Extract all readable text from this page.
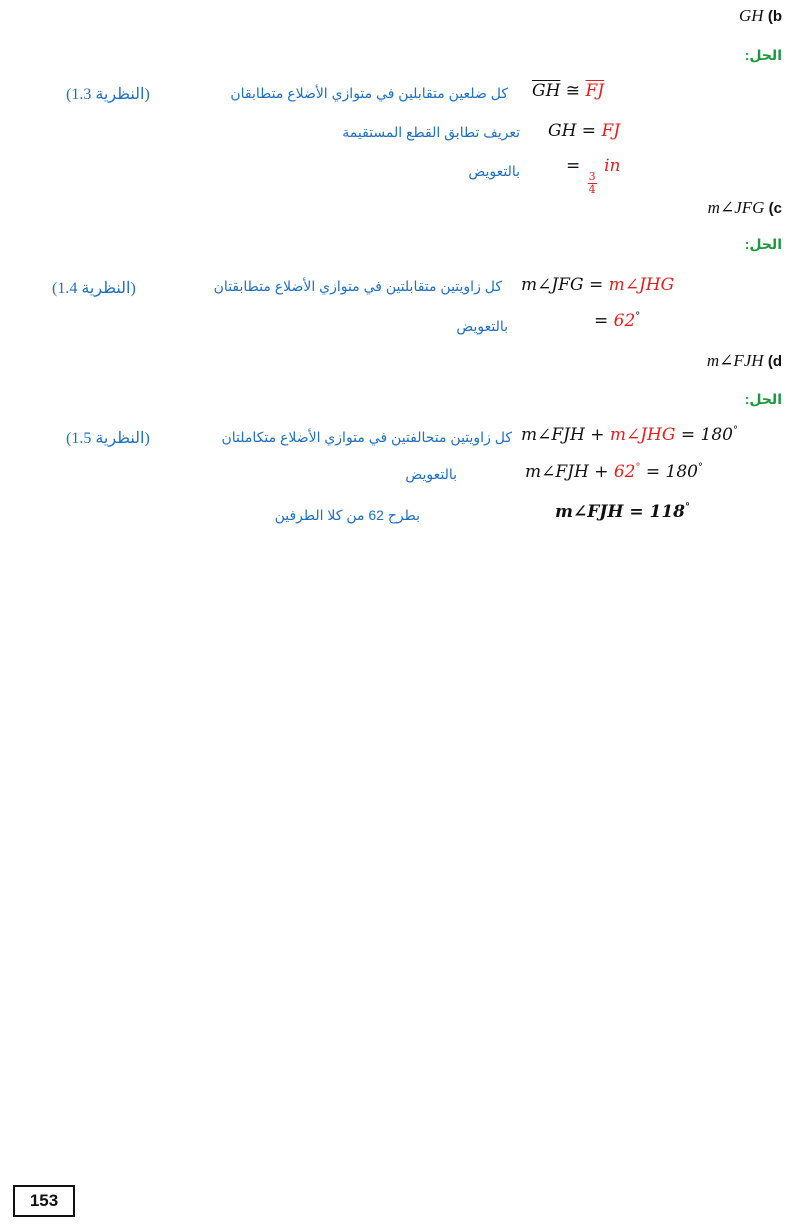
GH (b
الحل:
$\overline{GH}$ ≅ $\overline{FJ}$
كل ضلعين متقابلين في متوازي الأضلاع متطابقان
(النظرية 1.3)
GH = FJ
تعريف تطابق القطع المستقيمة
=
$\frac{3}{4}$
in
بالتعويض
m∠JFG (c
الحل:
m∠JFG = m∠JHG
كل زاويتين متقابلتين في متوازي الأضلاع متطابقتان
(النظرية 1.4)
= 62°
بالتعويض
m∠FJH (d
الحل:
m∠FJH + m∠JHG = 180°
كل زاويتين متحالفتين في متوازي الأضلاع متكاملتان
(النظرية 1.5)
m∠FJH + 62° = 180°
بالتعويض
m∠FJH = 118°
بطرح 62 من كلا الطرفين
153
